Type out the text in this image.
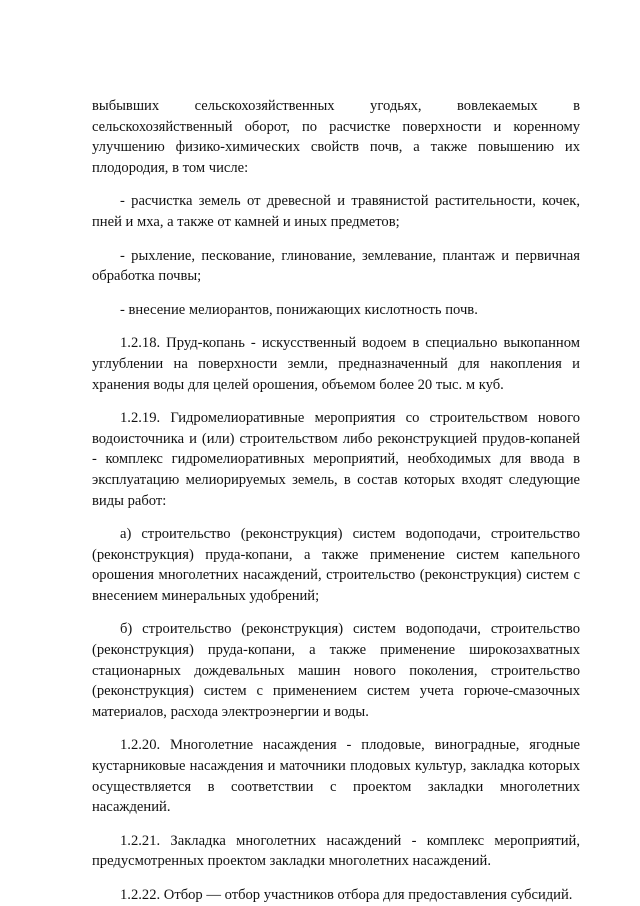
выбывших сельскохозяйственных угодьях, вовлекаемых в сельскохозяйственный оборот, по расчистке поверхности и коренному улучшению физико-химических свойств почв, а также повышению их плодородия, в том числе:

- расчистка земель от древесной и травянистой растительности, кочек, пней и мха, а также от камней и иных предметов;

- рыхление, пескование, глинование, землевание, плантаж и первичная обработка почвы;

- внесение мелиорантов, понижающих кислотность почв.

1.2.18. Пруд-копань - искусственный водоем в специально выкопанном углублении на поверхности земли, предназначенный для накопления и хранения воды для целей орошения, объемом более 20 тыс. м куб.

1.2.19. Гидромелиоративные мероприятия со строительством нового водоисточника и (или) строительством либо реконструкцией прудов-копаней - комплекс гидромелиоративных мероприятий, необходимых для ввода в эксплуатацию мелиорируемых земель, в состав которых входят следующие виды работ:

а) строительство (реконструкция) систем водоподачи, строительство (реконструкция) пруда-копани, а также применение систем капельного орошения многолетних насаждений, строительство (реконструкция) систем с внесением минеральных удобрений;

б) строительство (реконструкция) систем водоподачи, строительство (реконструкция) пруда-копани, а также применение широкозахватных стационарных дождевальных машин нового поколения, строительство (реконструкция) систем с применением систем учета горюче-смазочных материалов, расхода электроэнергии и воды.

1.2.20. Многолетние насаждения - плодовые, виноградные, ягодные кустарниковые насаждения и маточники плодовых культур, закладка которых осуществляется в соответствии с проектом закладки многолетних насаждений.

1.2.21. Закладка многолетних насаждений - комплекс мероприятий, предусмотренных проектом закладки многолетних насаждений.

1.2.22. Отбор — отбор участников отбора для предоставления субсидий.
